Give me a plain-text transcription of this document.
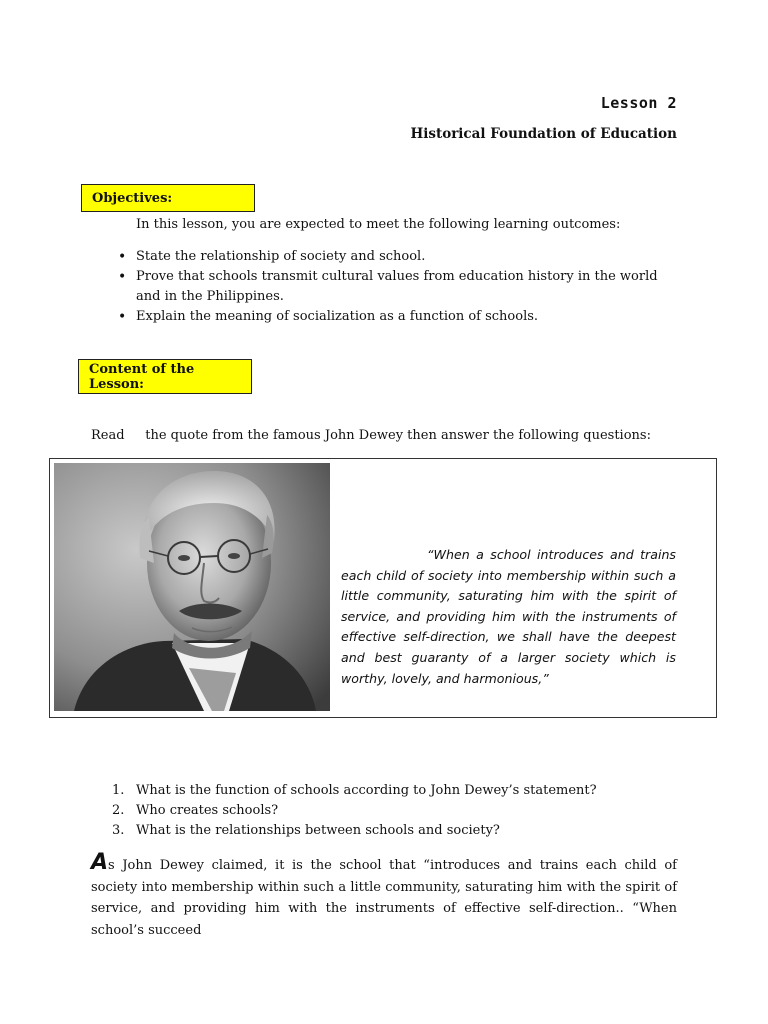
Lesson 2
Historical Foundation of Education
Objectives:
In this lesson, you are expected to meet the following learning outcomes:
• State the relationship of society and school.
• Prove that schools transmit cultural values from education history in the world and in the Philippines.
• Explain the meaning of socialization as a function of schools.
Content of the Lesson:
Read the quote from the famous John Dewey then answer the following questions:
“When a school introduces and trains each child of society into membership within such a little community, saturating him with the spirit of service, and providing him with the instruments of effective self-direction, we shall have the deepest and best guaranty of a larger society which is worthy, lovely, and harmonious,”
1. What is the function of schools according to John Dewey’s statement?
2. Who creates schools?
3. What is the relationships between schools and society?
As John Dewey claimed, it is the school that “introduces and trains each child of society into membership within such a little community, saturating him with the spirit of service, and providing him with the instruments of effective self-direction.. “When school’s succeed
